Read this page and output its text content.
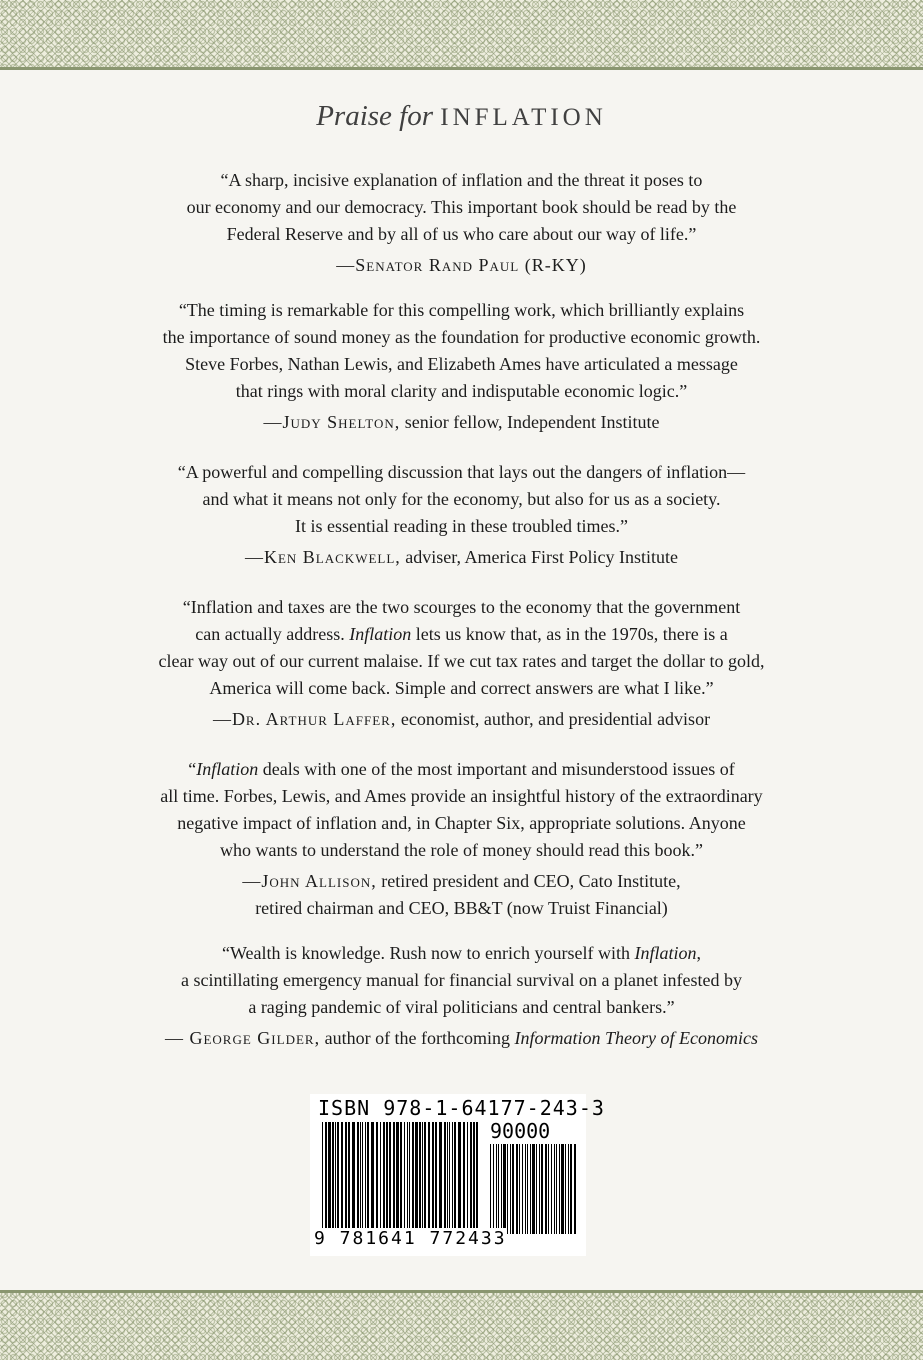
Praise for INFLATION

“A sharp, incisive explanation of inflation and the threat it poses to

our economy and our democracy. This important book should be read by the

Federal Reserve and by all of us who care about our way of life.”

—Senator Rand Paul (R-KY)

“The timing is remarkable for this compelling work, which brilliantly explains

the importance of sound money as the foundation for productive economic growth.

Steve Forbes, Nathan Lewis, and Elizabeth Ames have articulated a message

that rings with moral clarity and indisputable economic logic.”

—Judy Shelton, senior fellow, Independent Institute

“A powerful and compelling discussion that lays out the dangers of inflation—

and what it means not only for the economy, but also for us as a society.

It is essential reading in these troubled times.”

—Ken Blackwell, adviser, America First Policy Institute

“Inflation and taxes are the two scourges to the economy that the government

can actually address. Inflation lets us know that, as in the 1970s, there is a

clear way out of our current malaise. If we cut tax rates and target the dollar to gold,

America will come back. Simple and correct answers are what I like.”

—Dr. Arthur Laffer, economist, author, and presidential advisor

“Inflation deals with one of the most important and misunderstood issues of

all time. Forbes, Lewis, and Ames provide an insightful history of the extraordinary

negative impact of inflation and, in Chapter Six, appropriate solutions. Anyone

who wants to understand the role of money should read this book.”

—John Allison, retired president and CEO, Cato Institute,

retired chairman and CEO, BB&T (now Truist Financial)

“Wealth is knowledge. Rush now to enrich yourself with Inflation,

a scintillating emergency manual for financial survival on a planet infested by

a raging pandemic of viral politicians and central bankers.”

— George Gilder, author of the forthcoming Information Theory of Economics

ISBN 978-1-64177-243-3
90000
9 781641 772433
